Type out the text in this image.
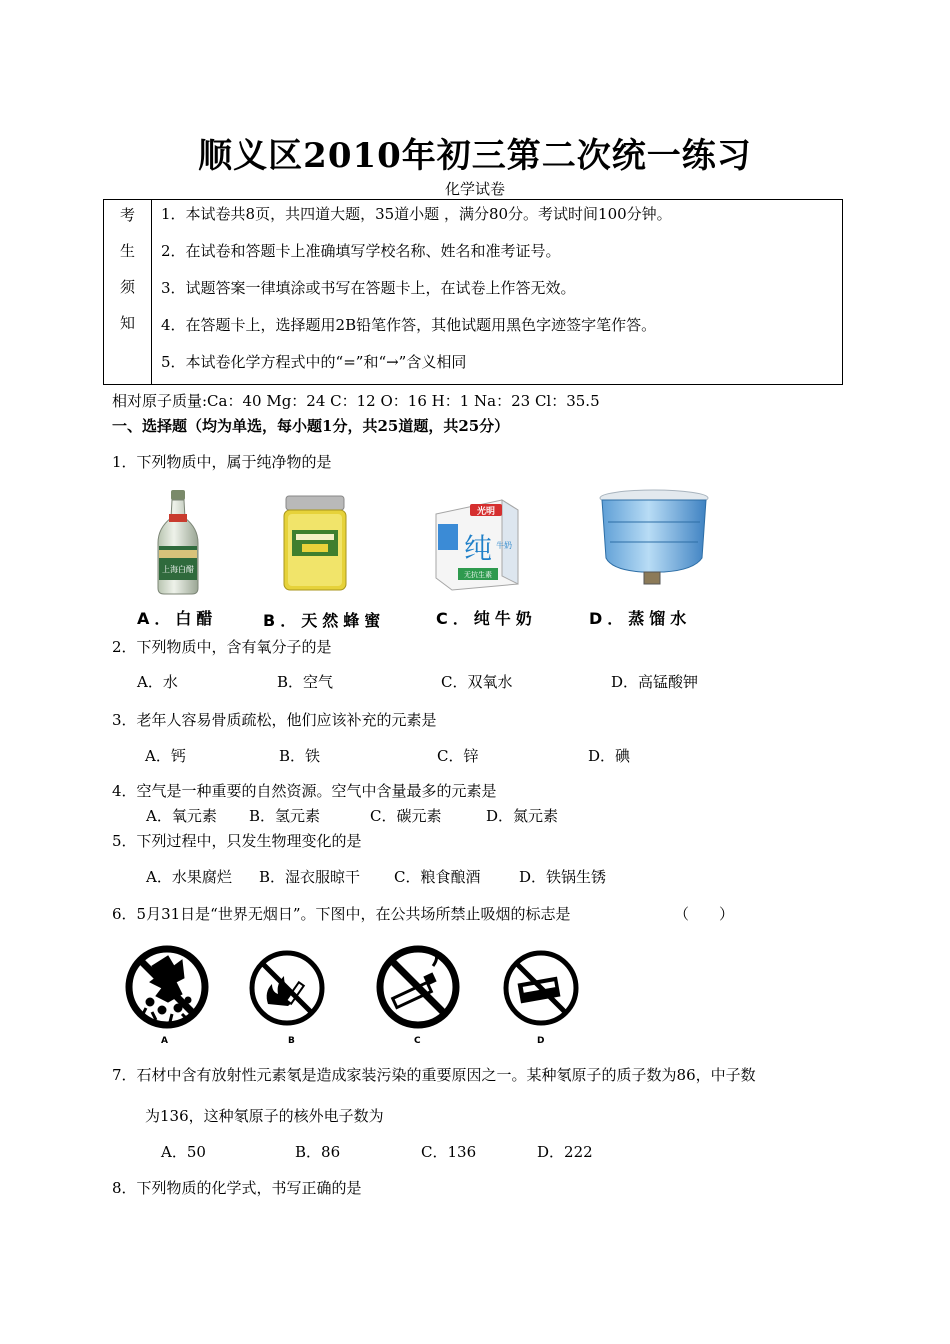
顺义区2010年初三第二次统一练习
化学试卷
考
生
须
知
1．本试卷共8页，共四道大题，35道小题 ，满分80分。考试时间100分钟。
2．在试卷和答题卡上准确填写学校名称、姓名和准考证号。
3．试题答案一律填涂或书写在答题卡上，在试卷上作答无效。
4．在答题卡上，选择题用2B铅笔作答，其他试题用黑色字迹签字笔作答。
5．本试卷化学方程式中的“=”和“→”含义相同
相对原子质量:Ca：40 Mg：24 C：12 O：16 H：1 Na：23 Cl：35.5
一、选择题（均为单选，每小题1分，共25道题，共25分）
1．下列物质中，属于纯净物的是
上海白醋
光明
纯 牛奶
无抗生素
A．白醋	B．天然蜂蜜	C．纯牛奶	D．蒸馏水
2．下列物质中，含有氧分子的是
A．水	B．空气	C．双氧水	D．高锰酸钾
3．老年人容易骨质疏松，他们应该补充的元素是
A．钙	B．铁	C．锌	D．碘
4．空气是一种重要的自然资源。空气中含量最多的元素是
A．氧元素 B．氢元素	C．碳元素	D．氮元素
5．下列过程中，只发生物理变化的是
A．水果腐烂 B．湿衣服晾干 C．粮食酿酒	D．铁锅生锈
6．5月31日是“世界无烟日”。下图中，在公共场所禁止吸烟的标志是	（　　）
A	B	C	D
7．石材中含有放射性元素氡是造成家装污染的重要原因之一。某种氡原子的质子数为86，中子数
为136，这种氡原子的核外电子数为
A．50	B．86	C．136	D．222
8．下列物质的化学式，书写正确的是
